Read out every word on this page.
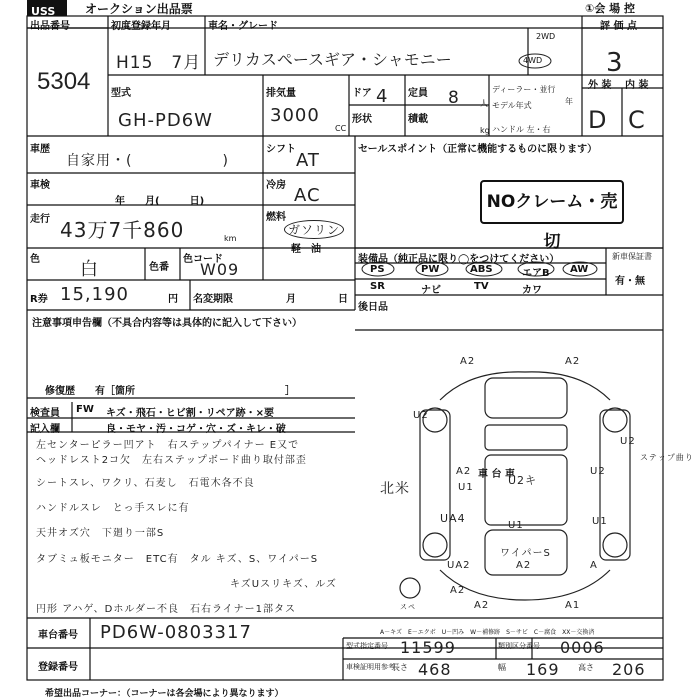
USS	オークション出品票	①会 場 控
出品番号
5304
初度登録年月
H15　7月
車名・グレード
デリカスペースギア・シャモニー
2WD
4WD
評 価 点
3
型式
GH-PD6W
排気量
3000
CC
ドア 4 定員 8	人
形状	積載
kg
ディーラー・並行
モデル年式	年
ハンドル 左・右
外 装 内 装
D C
車歴
自家用・(　　　　　　)
シフト
AT
セールスポイント（正常に機能するものに限ります）
NOクレーム・売切
車検
年　　月(　　　日)
冷房 AC
走行 43万7千860	km
燃料
ガソリン
軽　油
色 白	色番
色コード
W09
装備品（純正品に限り◯をつけてください）	新車保証書
有・無
PS	PW	ABS	エアB AW
SR	ナビ	TV	カワ
後日品
R券 15,190	円 名変期限	月	日
注意事項申告欄（不具合内容等は具体的に記入して下さい）
修復歴　　有［箇所　　　　　　　　　　　　　　　］
検査員
記入欄
FW キズ・飛石・ヒビ割・リペア跡・×要
良・モヤ・汚・コゲ・穴・ズ・キレ・破
左センターピラー凹アト　右ステップパイナー E又で
ヘッドレスト2コ欠　左右ステップボード曲り取付部歪
シートスレ、ワクリ、石麦し　石電木各不良
ハンドルスレ　とっ手スレに有
天井オズ穴　下廻り一部S
タブミュ板モニター　ETC有　タル キズ、S、ワイパーS
キズUスリキズ、ルズ
円形 アハゲ、Dホルダー不良　石右ライナー1部タス
車 台 車
A2	A2
U2
U2
A2
U1
U2キ
U2
U1
UA4
U1
ワイパーS
A2
UA2	A
A2
A2	A1
スペ
ステップ曲り
北米
車台番号 PD6W-0803317
登録番号
A－キズ　E－エクボ　U－凹み　W－補修跡　S－サビ　C－腐食　XX－交換済
型式指定番号 11599	類別区分番号 0006
車検証明用参考
長さ 468	幅 169 高さ 206
希望出品コーナー：（コーナーは各会場により異なります）
